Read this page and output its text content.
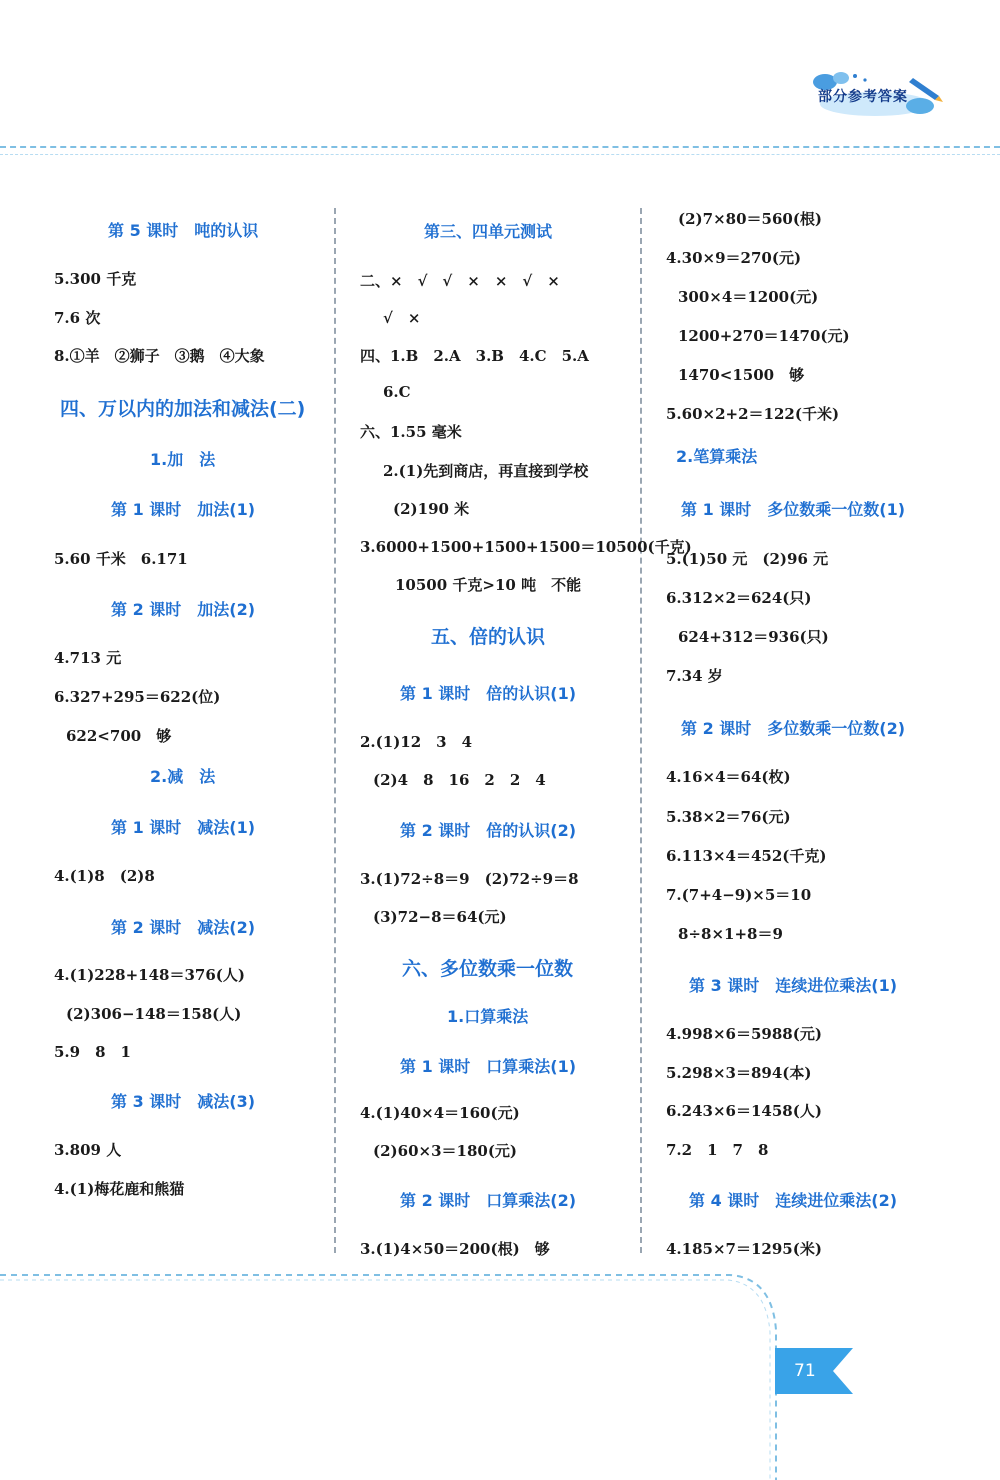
部分参考答案
第 5 课时　吨的认识
5.300 千克
7.6 次
8.①羊　②狮子　③鹅　④大象
四、万以内的加法和减法(二)
1.加　法
第 1 课时　加法(1)
5.60 千米　6.171
第 2 课时　加法(2)
4.713 元
6.327+295＝622(位)
622<700　够
2.减　法
第 1 课时　减法(1)
4.(1)8　(2)8
第 2 课时　减法(2)
4.(1)228+148＝376(人)
(2)306−148＝158(人)
5.9　8　1
第 3 课时　减法(3)
3.809 人
4.(1)梅花鹿和熊猫
第三、四单元测试
二、×　√　√　×　×　√　×
√　×
四、1.B　2.A　3.B　4.C　5.A
6.C
六、1.55 毫米
2.(1)先到商店，再直接到学校
(2)190 米
3.6000+1500+1500+1500＝10500(千克)
10500 千克>10 吨　不能
五、倍的认识
第 1 课时　倍的认识(1)
2.(1)12　3　4
(2)4　8　16　2　2　4
第 2 课时　倍的认识(2)
3.(1)72÷8＝9　(2)72÷9＝8
(3)72−8＝64(元)
六、多位数乘一位数
1.口算乘法
第 1 课时　口算乘法(1)
4.(1)40×4＝160(元)
(2)60×3＝180(元)
第 2 课时　口算乘法(2)
3.(1)4×50＝200(根)　够
(2)7×80＝560(根)
4.30×9＝270(元)
300×4＝1200(元)
1200+270＝1470(元)
1470<1500　够
5.60×2+2＝122(千米)
2.笔算乘法
第 1 课时　多位数乘一位数(1)
5.(1)50 元　(2)96 元
6.312×2＝624(只)
624+312＝936(只)
7.34 岁
第 2 课时　多位数乘一位数(2)
4.16×4＝64(枚)
5.38×2＝76(元)
6.113×4＝452(千克)
7.(7+4−9)×5＝10
8÷8×1+8＝9
第 3 课时　连续进位乘法(1)
4.998×6＝5988(元)
5.298×3＝894(本)
6.243×6＝1458(人)
7.2　1　7　8
第 4 课时　连续进位乘法(2)
4.185×7＝1295(米)
71
